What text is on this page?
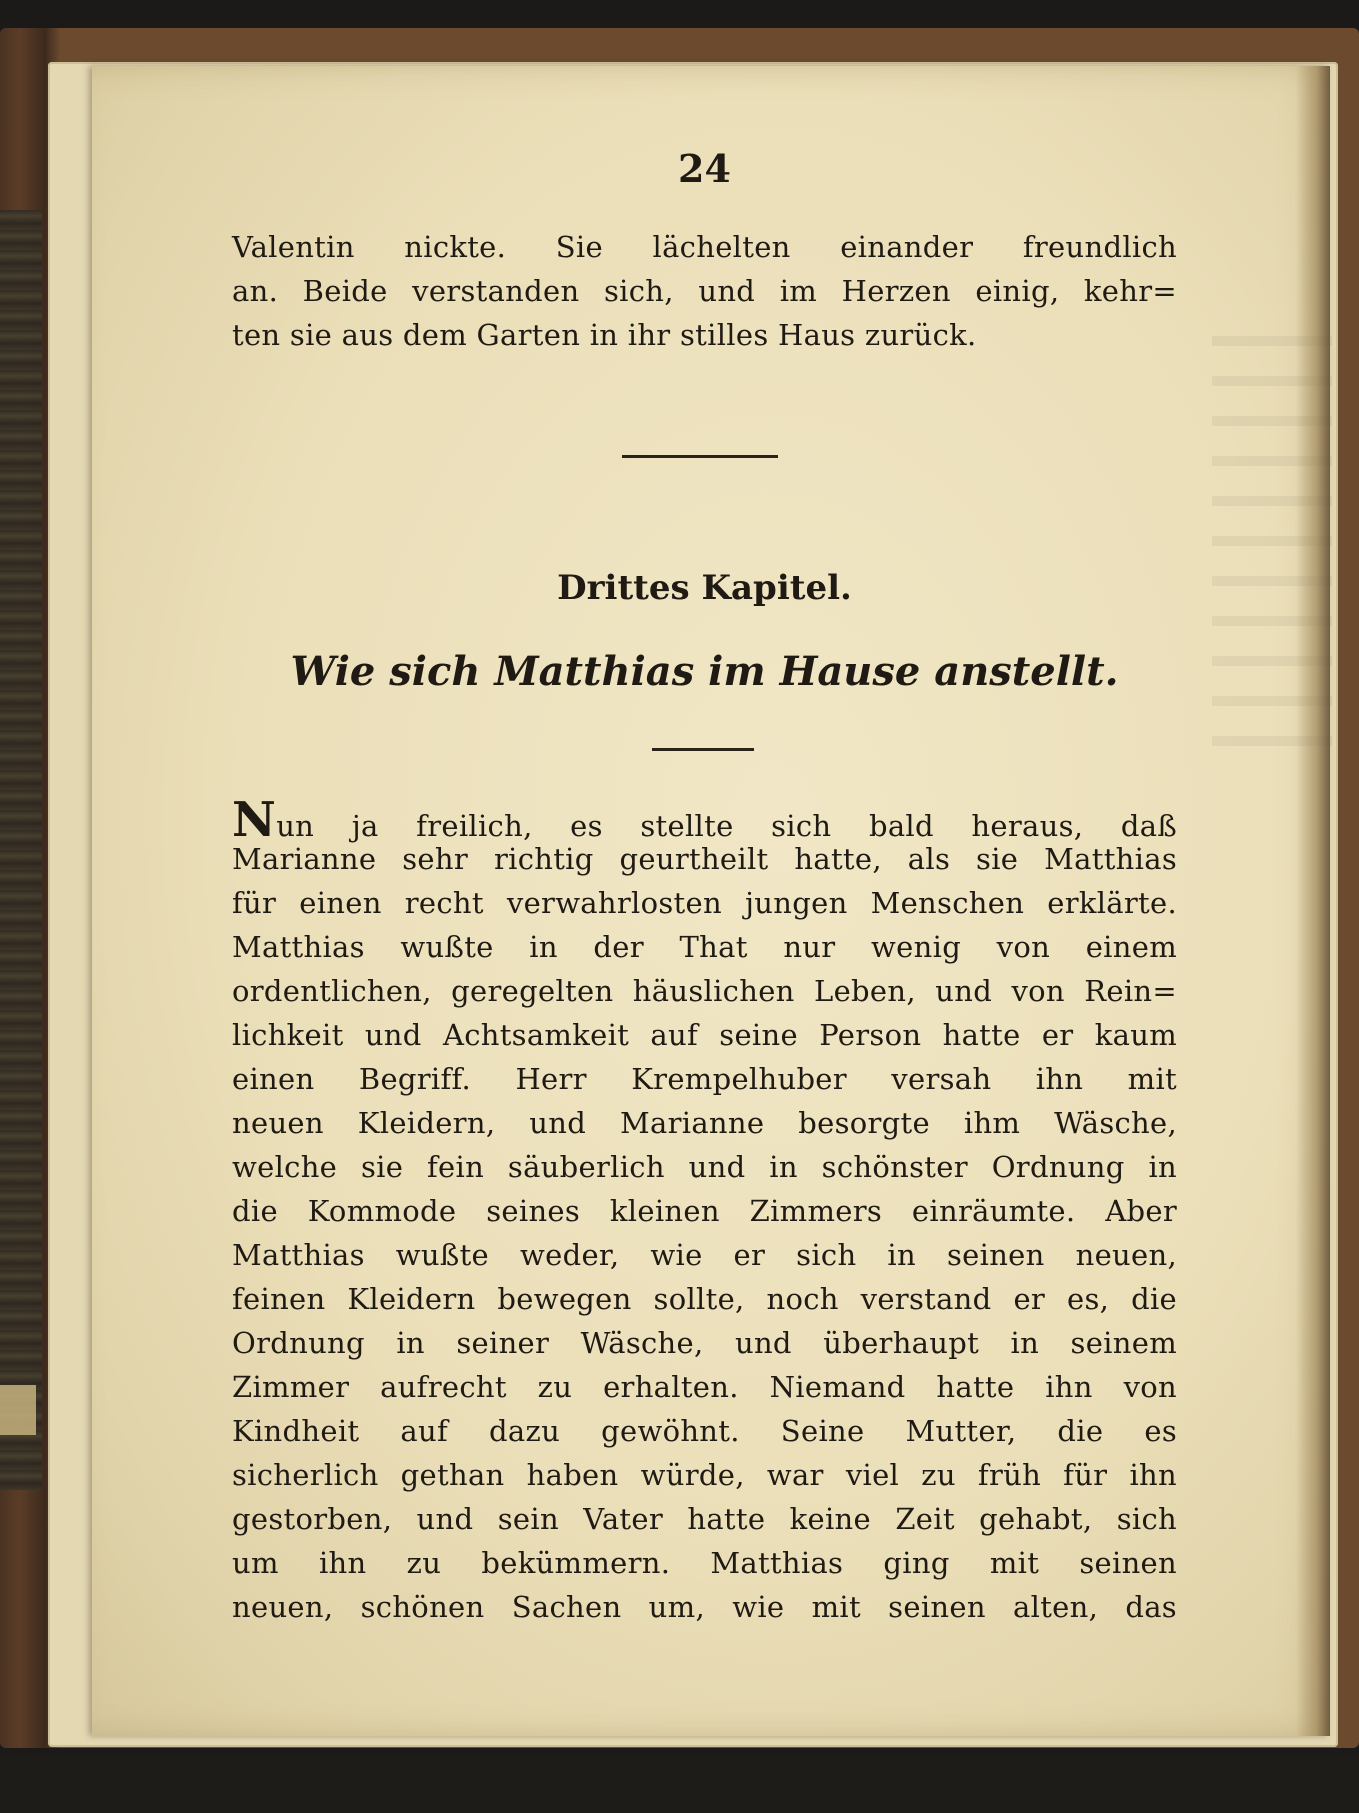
24
Valentin nickte. Sie lächelten einander freundlich
an. Beide verstanden sich, und im Herzen einig, kehr=
ten sie aus dem Garten in ihr stilles Haus zurück.
Drittes Kapitel.
Wie sich Matthias im Hause anstellt.
Nun ja freilich, es stellte sich bald heraus, daß
Marianne sehr richtig geurtheilt hatte, als sie Matthias
für einen recht verwahrlosten jungen Menschen erklärte.
Matthias wußte in der That nur wenig von einem
ordentlichen, geregelten häuslichen Leben, und von Rein=
lichkeit und Achtsamkeit auf seine Person hatte er kaum
einen Begriff. Herr Krempelhuber versah ihn mit
neuen Kleidern, und Marianne besorgte ihm Wäsche,
welche sie fein säuberlich und in schönster Ordnung in
die Kommode seines kleinen Zimmers einräumte. Aber
Matthias wußte weder, wie er sich in seinen neuen,
feinen Kleidern bewegen sollte, noch verstand er es, die
Ordnung in seiner Wäsche, und überhaupt in seinem
Zimmer aufrecht zu erhalten. Niemand hatte ihn von
Kindheit auf dazu gewöhnt. Seine Mutter, die es
sicherlich gethan haben würde, war viel zu früh für ihn
gestorben, und sein Vater hatte keine Zeit gehabt, sich
um ihn zu bekümmern. Matthias ging mit seinen
neuen, schönen Sachen um, wie mit seinen alten, das
